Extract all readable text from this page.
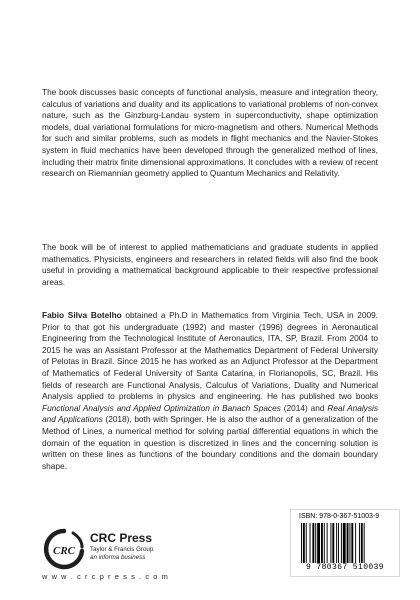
The book discusses basic concepts of functional analysis, measure and integration theory, calculus of variations and duality and its applications to variational problems of non-convex nature, such as the Ginzburg-Landau system in superconductivity, shape optimization models, dual variational formulations for micro-magnetism and others. Numerical Methods for such and similar problems, such as models in flight mechanics and the Navier-Stokes system in fluid mechanics have been developed through the generalized method of lines, including their matrix finite dimensional approximations. It concludes with a review of recent research on Riemannian geometry applied to Quantum Mechanics and Relativity.

The book will be of interest to applied mathematicians and graduate students in applied mathematics. Physicists, engineers and researchers in related fields will also find the book useful in providing a mathematical background applicable to their respective professional areas.

Fabio Silva Botelho obtained a Ph.D in Mathematics from Virginia Tech, USA in 2009. Prior to that got his undergraduate (1992) and master (1996) degrees in Aeronautical Engineering from the Technological Institute of Aeronautics, ITA, SP, Brazil. From 2004 to 2015 he was an Assistant Professor at the Mathematics Department of Federal University of Pelotas in Brazil. Since 2015 he has worked as an Adjunct Professor at the Department of Mathematics of Federal University of Santa Catarina, in Florianopolis, SC, Brazil. His fields of research are Functional Analysis, Calculus of Variations, Duality and Numerical Analysis applied to problems in physics and engineering. He has published two books Functional Analysis and Applied Optimization in Banach Spaces (2014) and Real Analysis and Applications (2018), both with Springer. He is also the author of a generalization of the Method of Lines, a numerical method for solving partial differential equations in which the domain of the equation in question is discretized in lines and the concerning solution is written on these lines as functions of the boundary conditions and the domain boundary shape.

CRC
CRC Press
Taylor & Francis Group
an informa business
w w w . c r c p r e s s . c o m
ISBN: 978-0-367-51003-9
9 780367 510039
